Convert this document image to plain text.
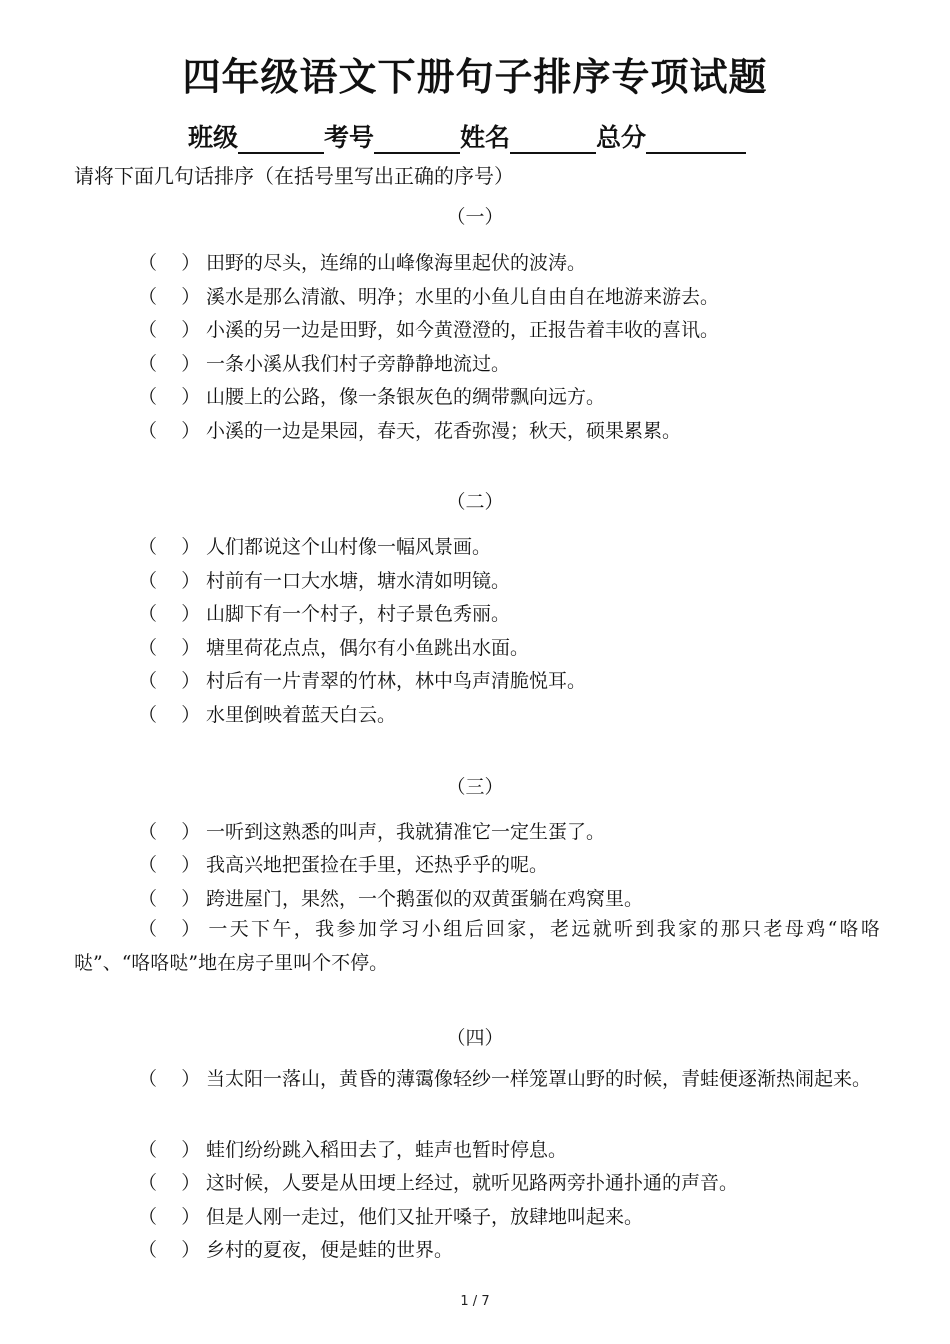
四年级语文下册句子排序专项试题
班级	考号	姓名	总分
请将下面几句话排序（在括号里写出正确的序号）
（一）
（ ） 田野的尽头，连绵的山峰像海里起伏的波涛。
（ ） 溪水是那么清澈、明净；水里的小鱼儿自由自在地游来游去。
（ ） 小溪的另一边是田野，如今黄澄澄的，正报告着丰收的喜讯。
（ ） 一条小溪从我们村子旁静静地流过。
（ ） 山腰上的公路，像一条银灰色的绸带飘向远方。
（ ） 小溪的一边是果园，春天，花香弥漫；秋天，硕果累累。
（二）
（ ） 人们都说这个山村像一幅风景画。
（ ） 村前有一口大水塘，塘水清如明镜。
（ ） 山脚下有一个村子，村子景色秀丽。
（ ） 塘里荷花点点，偶尔有小鱼跳出水面。
（ ） 村后有一片青翠的竹林，林中鸟声清脆悦耳。
（ ） 水里倒映着蓝天白云。
（三）
（ ） 一听到这熟悉的叫声，我就猜准它一定生蛋了。
（ ） 我高兴地把蛋捡在手里，还热乎乎的呢。
（ ） 跨进屋门，果然，一个鹅蛋似的双黄蛋躺在鸡窝里。
（ ） 一天下午，我参加学习小组后回家，老远就听到我家的那只老母鸡“咯咯哒”、“咯咯哒”地在房子里叫个不停。
（四）
（ ） 当太阳一落山，黄昏的薄霭像轻纱一样笼罩山野的时候，青蛙便逐渐热闹起来。
（ ） 蛙们纷纷跳入稻田去了，蛙声也暂时停息。
（ ） 这时候，人要是从田埂上经过，就听见路两旁扑通扑通的声音。
（ ） 但是人刚一走过，他们又扯开嗓子，放肆地叫起来。
（ ） 乡村的夏夜，便是蛙的世界。
1 / 7
